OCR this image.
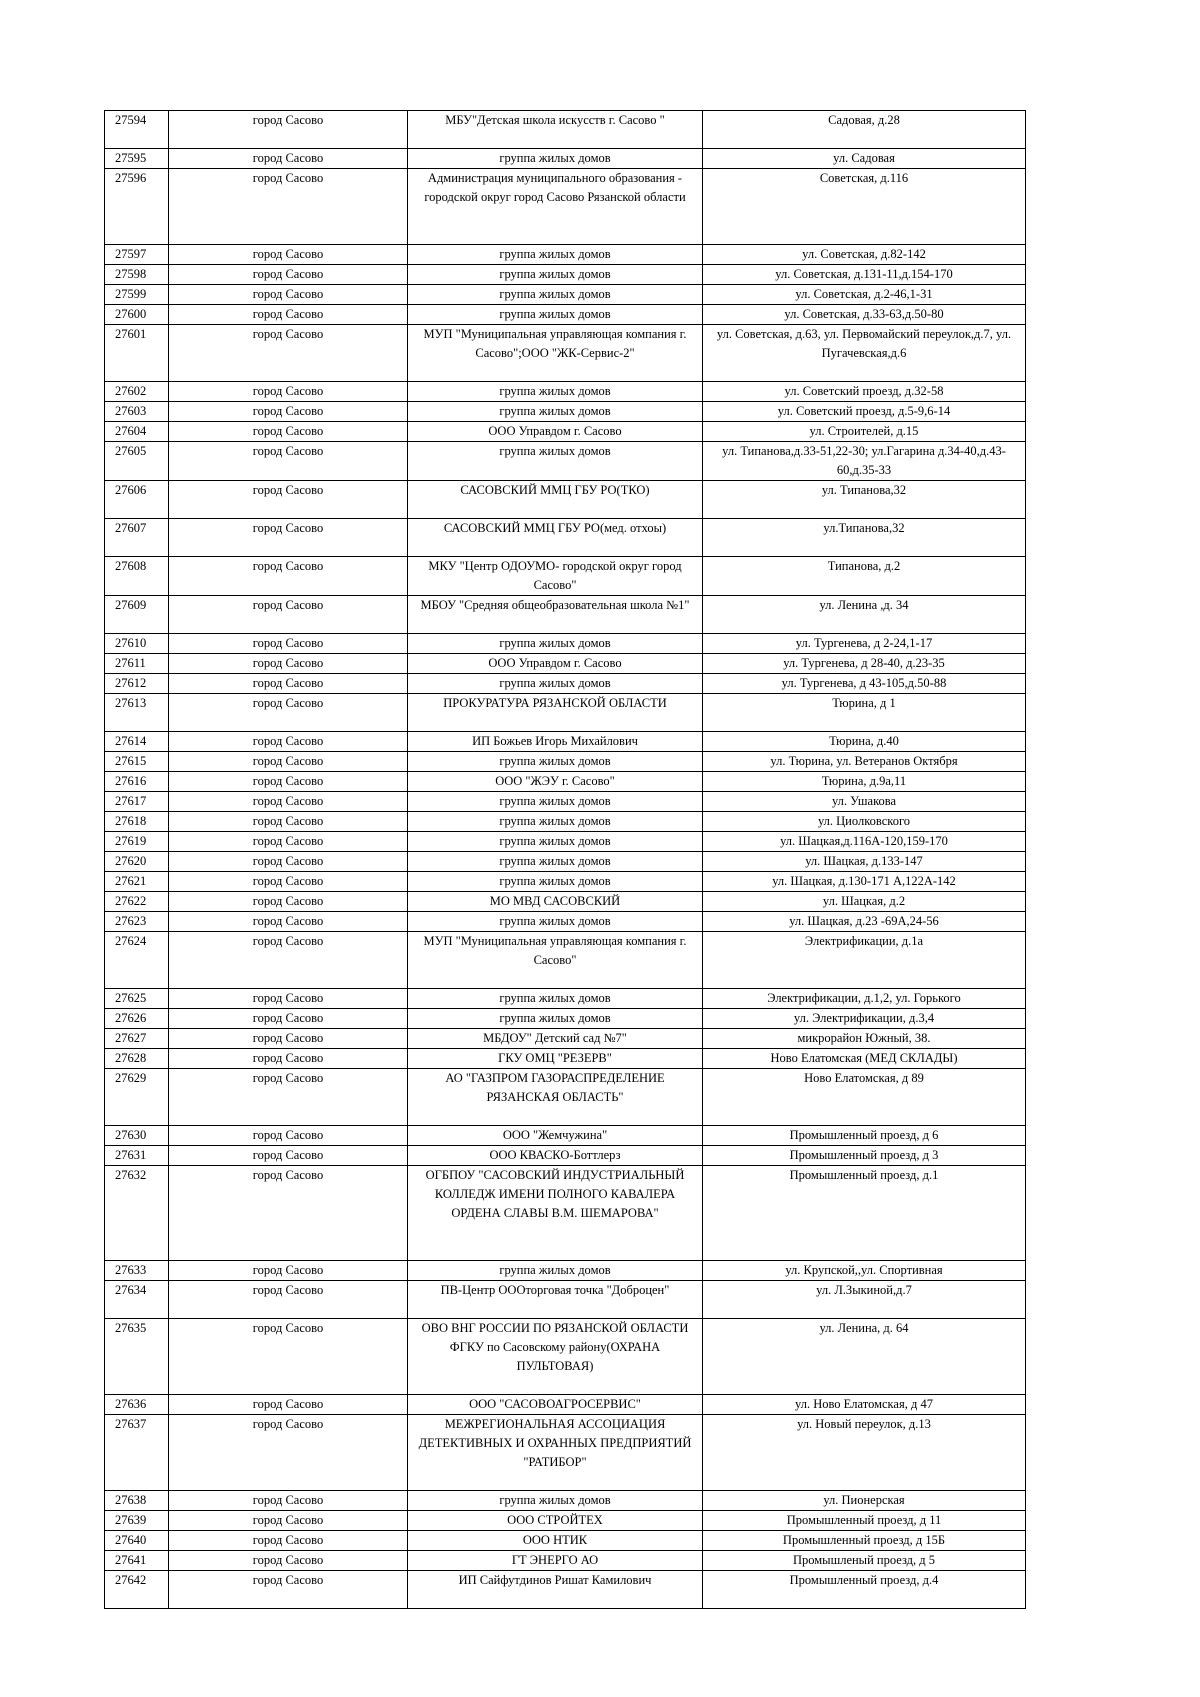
27594	город Сасово	МБУ"Детская школа искусств г. Сасово "	Садовая, д.28
27595	город Сасово	группа жилых домов	ул. Садовая
27596	город Сасово	Администрация муниципального образования - городской округ город Сасово Рязанской области	Советская, д.116
27597	город Сасово	группа жилых домов	ул. Советская, д.82-142
27598	город Сасово	группа жилых домов	ул. Советская, д.131-11,д.154-170
27599	город Сасово	группа жилых домов	ул. Советская, д.2-46,1-31
27600	город Сасово	группа жилых домов	ул. Советская, д.33-63,д.50-80
27601	город Сасово	МУП "Муниципальная управляющая компания г. Сасово";ООО "ЖК-Сервис-2"	ул. Советская, д.63, ул. Первомайский переулок,д.7, ул. Пугачевская,д.6
27602	город Сасово	группа жилых домов	ул. Советский проезд, д.32-58
27603	город Сасово	группа жилых домов	ул. Советский проезд, д.5-9,6-14
27604	город Сасово	ООО Управдом г. Сасово	ул. Строителей, д.15
27605	город Сасово	группа жилых домов	ул. Типанова,д.33-51,22-30; ул.Гагарина д.34-40,д.43-60,д.35-33
27606	город Сасово	САСОВСКИЙ ММЦ ГБУ РО(ТКО)	ул. Типанова,32
27607	город Сасово	САСОВСКИЙ ММЦ ГБУ РО(мед. отхоы)	ул.Типанова,32
27608	город Сасово	МКУ "Центр ОДОУМО- городской округ город Сасово"	Типанова, д.2
27609	город Сасово	МБОУ "Средняя общеобразовательная школа №1"	ул. Ленина ,д. 34
27610	город Сасово	группа жилых домов	ул. Тургенева, д 2-24,1-17
27611	город Сасово	ООО Управдом г. Сасово	ул. Тургенева, д 28-40, д.23-35
27612	город Сасово	группа жилых домов	ул. Тургенева, д 43-105,д.50-88
27613	город Сасово	ПРОКУРАТУРА РЯЗАНСКОЙ ОБЛАСТИ	Тюрина, д 1
27614	город Сасово	ИП Божьев Игорь Михайлович	Тюрина, д.40
27615	город Сасово	группа жилых домов	ул. Тюрина, ул. Ветеранов Октября
27616	город Сасово	ООО "ЖЭУ г. Сасово"	Тюрина, д.9а,11
27617	город Сасово	группа жилых домов	ул. Ушакова
27618	город Сасово	группа жилых домов	ул. Циолковского
27619	город Сасово	группа жилых домов	ул. Шацкая,д.116А-120,159-170
27620	город Сасово	группа жилых домов	ул. Шацкая, д.133-147
27621	город Сасово	группа жилых домов	ул. Шацкая, д.130-171 А,122А-142
27622	город Сасово	МО МВД САСОВСКИЙ	ул. Шацкая, д.2
27623	город Сасово	группа жилых домов	ул. Шацкая, д.23 -69А,24-56
27624	город Сасово	МУП "Муниципальная управляющая компания г. Сасово"	Электрификации, д.1а
27625	город Сасово	группа жилых домов	Электрификации, д.1,2, ул. Горького
27626	город Сасово	группа жилых домов	ул. Электрификации, д.3,4
27627	город Сасово	МБДОУ" Детский сад №7"	микрорайон Южный, 38.
27628	город Сасово	ГКУ ОМЦ "РЕЗЕРВ"	Ново Елатомская (МЕД СКЛАДЫ)
27629	город Сасово	АО "ГАЗПРОМ ГАЗОРАСПРЕДЕЛЕНИЕ РЯЗАНСКАЯ ОБЛАСТЬ"	Ново Елатомская, д 89
27630	город Сасово	ООО "Жемчужина"	Промышленный проезд, д 6
27631	город Сасово	ООО КВАСКО-Боттлерз	Промышленный проезд, д 3
27632	город Сасово	ОГБПОУ "САСОВСКИЙ ИНДУСТРИАЛЬНЫЙ КОЛЛЕДЖ ИМЕНИ ПОЛНОГО КАВАЛЕРА ОРДЕНА СЛАВЫ В.М. ШЕМАРОВА"	Промышленный проезд, д.1
27633	город Сасово	группа жилых домов	ул. Крупской,,ул. Спортивная
27634	город Сасово	ПВ-Центр ОООторговая точка "Доброцен"	ул. Л.Зыкиной,д.7
27635	город Сасово	ОВО ВНГ РОССИИ ПО РЯЗАНСКОЙ ОБЛАСТИ ФГКУ по Сасовскому району(ОХРАНА ПУЛЬТОВАЯ)	ул. Ленина, д. 64
27636	город Сасово	ООО "САСОВОАГРОСЕРВИС"	ул. Ново Елатомская, д 47
27637	город Сасово	МЕЖРЕГИОНАЛЬНАЯ АССОЦИАЦИЯ ДЕТЕКТИВНЫХ И ОХРАННЫХ ПРЕДПРИЯТИЙ "РАТИБОР"	ул. Новый переулок, д.13
27638	город Сасово	группа жилых домов	ул. Пионерская
27639	город Сасово	ООО СТРОЙТЕХ	Промышленный проезд, д 11
27640	город Сасово	ООО НТИК	Промышленный проезд, д 15Б
27641	город Сасово	ГТ ЭНЕРГО АО	Промышленый проезд, д 5
27642	город Сасово	ИП Сайфутдинов Ришат Камилович	Промышленный проезд, д.4
